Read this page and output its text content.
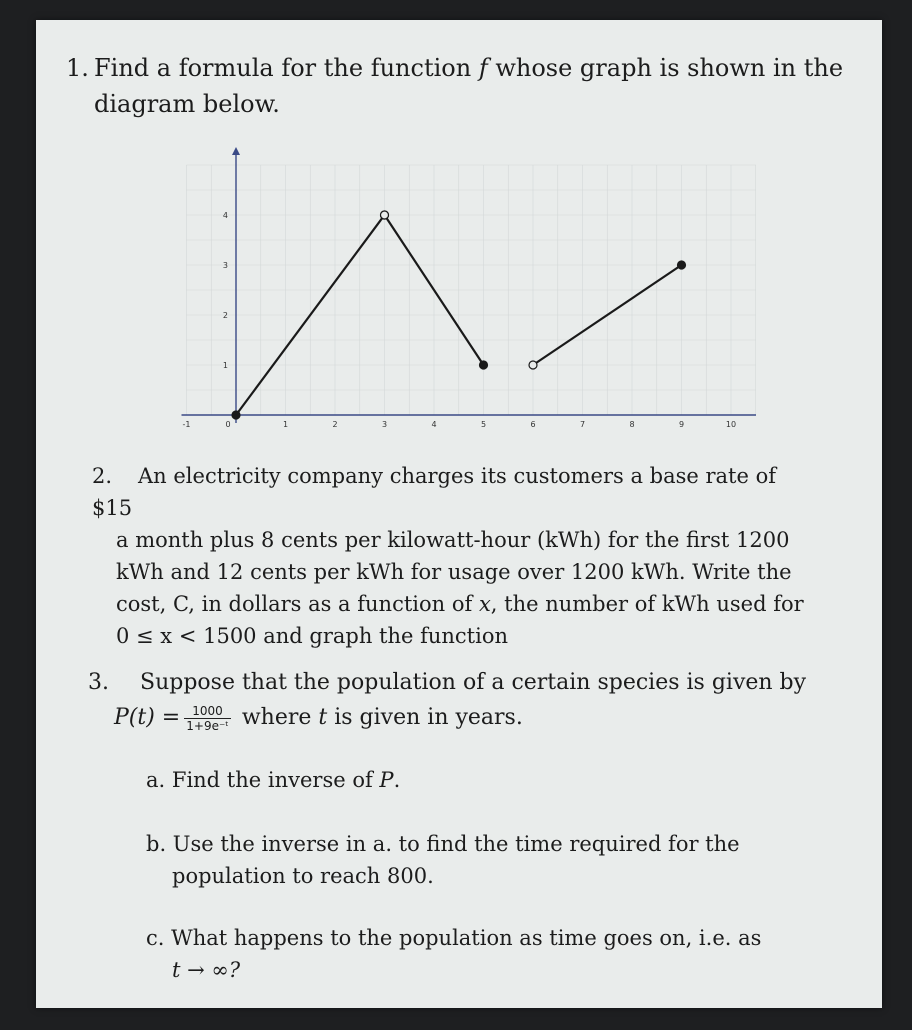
1. Find a formula for the function f whose graph is shown in the
diagram below.
-1	0	1	2	3	4	5	6	7	8	9	10
1
2
3
4
2. An electricity company charges its customers a base rate of $15
a month plus 8 cents per kilowatt-hour (kWh) for the first 1200
kWh and 12 cents per kWh for usage over 1200 kWh. Write the
cost, C, in dollars as a function of x, the number of kWh used for
0 ≤ x < 1500 and graph the function
3. Suppose that the population of a certain species is given by
$P(t) = \frac{1000}{\text{1+9e⁻ᵗ}}$ where t is given in years.
a. Find the inverse of P.
b. Use the inverse in a. to find the time required for the
population to reach 800.
c. What happens to the population as time goes on, i.e. as
t → ∞?
